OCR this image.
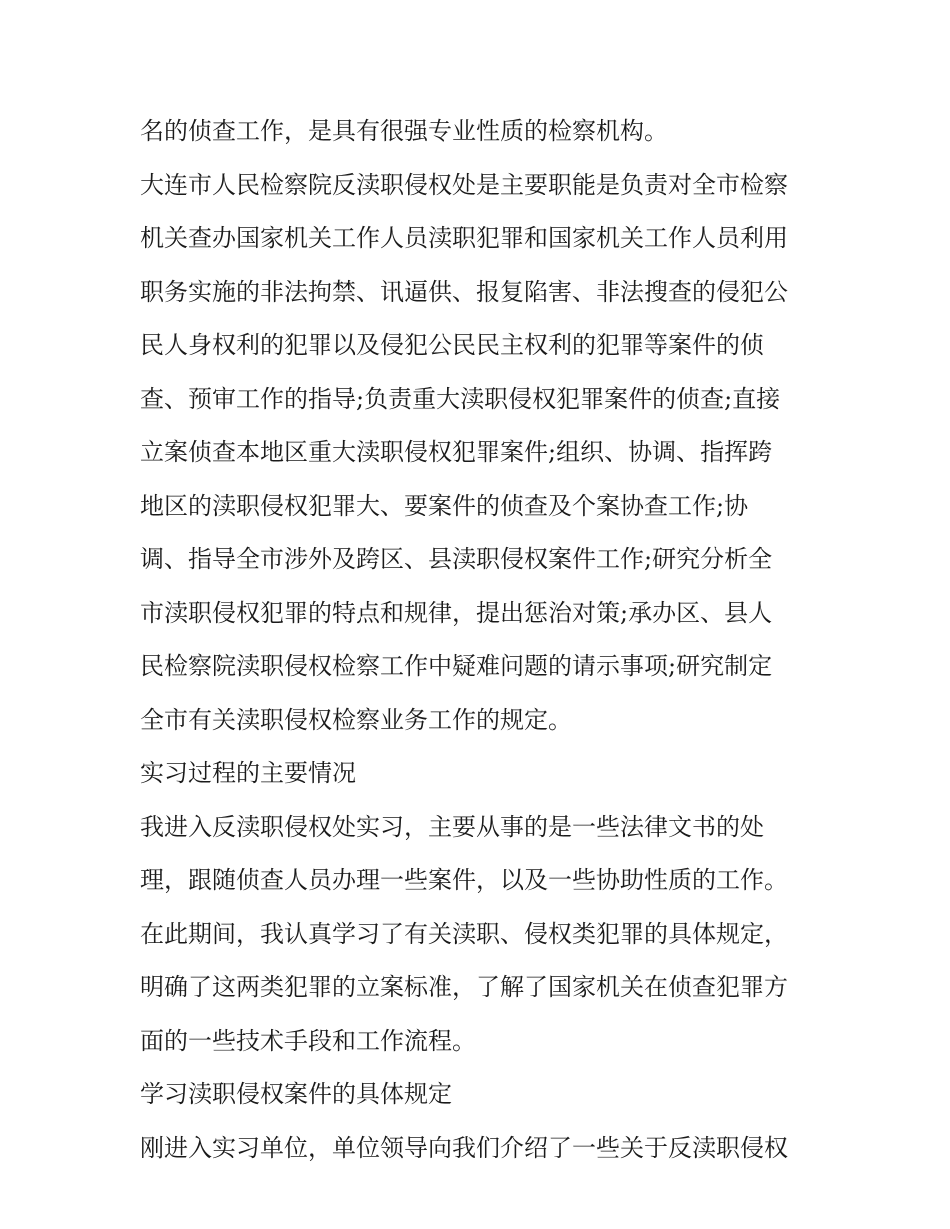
名的侦查工作，是具有很强专业性质的检察机构。
大连市人民检察院反渎职侵权处是主要职能是负责对全市检察
机关查办国家机关工作人员渎职犯罪和国家机关工作人员利用
职务实施的非法拘禁、讯逼供、报复陷害、非法搜查的侵犯公
民人身权利的犯罪以及侵犯公民民主权利的犯罪等案件的侦
查、预审工作的指导;负责重大渎职侵权犯罪案件的侦查;直接
立案侦查本地区重大渎职侵权犯罪案件;组织、协调、指挥跨
地区的渎职侵权犯罪大、要案件的侦查及个案协查工作;协
调、指导全市涉外及跨区、县渎职侵权案件工作;研究分析全
市渎职侵权犯罪的特点和规律，提出惩治对策;承办区、县人
民检察院渎职侵权检察工作中疑难问题的请示事项;研究制定
全市有关渎职侵权检察业务工作的规定。
实习过程的主要情况
我进入反渎职侵权处实习，主要从事的是一些法律文书的处
理，跟随侦查人员办理一些案件，以及一些协助性质的工作。
在此期间，我认真学习了有关渎职、侵权类犯罪的具体规定，
明确了这两类犯罪的立案标准，了解了国家机关在侦查犯罪方
面的一些技术手段和工作流程。
学习渎职侵权案件的具体规定
刚进入实习单位，单位领导向我们介绍了一些关于反渎职侵权
